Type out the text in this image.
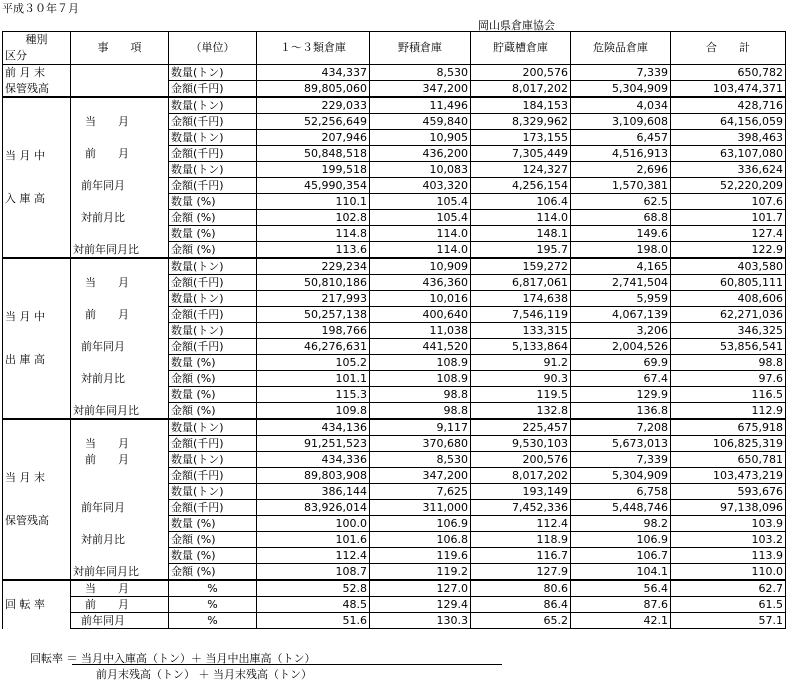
平成３０年７月
岡山県倉庫協会
種別	事　　項	（単位）	１～３類倉庫	野積倉庫	貯蔵槽倉庫	危険品倉庫	合　　計
区分							
前 月 末		数量(トン)	434,337	8,530	200,576	7,339	650,782
保管残高		金額(千円)	89,805,060	347,200	8,017,202	5,304,909	103,474,371

当 月 中
入 庫 高		数量(トン)	229,033	11,496	184,153	4,034	428,716
	当　　月	金額(千円)	52,256,649	459,840	8,329,962	3,109,608	64,156,059
		数量(トン)	207,946	10,905	173,155	6,457	398,463
	前　　月	金額(千円)	50,848,518	436,200	7,305,449	4,516,913	63,107,080
		数量(トン)	199,518	10,083	124,327	2,696	336,624
	前年同月	金額(千円)	45,990,354	403,320	4,256,154	1,570,381	52,220,209
		数量 (%)	110.1	105.4	106.4	62.5	107.6
	対前月比	金額 (%)	102.8	105.4	114.0	68.8	101.7
		数量 (%)	114.8	114.0	148.1	149.6	127.4
	対前年同月比	金額 (%)	113.6	114.0	195.7	198.0	122.9

当 月 中
出 庫 高		数量(トン)	229,234	10,909	159,272	4,165	403,580
	当　　月	金額(千円)	50,810,186	436,360	6,817,061	2,741,504	60,805,111
		数量(トン)	217,993	10,016	174,638	5,959	408,606
	前　　月	金額(千円)	50,257,138	400,640	7,546,119	4,067,139	62,271,036
		数量(トン)	198,766	11,038	133,315	3,206	346,325
	前年同月	金額(千円)	46,276,631	441,520	5,133,864	2,004,526	53,856,541
		数量 (%)	105.2	108.9	91.2	69.9	98.8
	対前月比	金額 (%)	101.1	108.9	90.3	67.4	97.6
		数量 (%)	115.3	98.8	119.5	129.9	116.5
	対前年同月比	金額 (%)	109.8	98.8	132.8	136.8	112.9

当 月 末
保管残高		数量(トン)	434,136	9,117	225,457	7,208	675,918
	当　　月	金額(千円)	91,251,523	370,680	9,530,103	5,673,013	106,825,319
	前　　月	数量(トン)	434,336	8,530	200,576	7,339	650,781
		金額(千円)	89,803,908	347,200	8,017,202	5,304,909	103,473,219
		数量(トン)	386,144	7,625	193,149	6,758	593,676
	前年同月	金額(千円)	83,926,014	311,000	7,452,336	5,448,746	97,138,096
		数量 (%)	100.0	106.9	112.4	98.2	103.9
	対前月比	金額 (%)	101.6	106.8	118.9	106.9	103.2
		数量 (%)	112.4	119.6	116.7	106.7	113.9
	対前年同月比	金額 (%)	108.7	119.2	127.9	104.1	110.0

回 転 率	当　　月	%	52.8	127.0	80.6	56.4	62.7
	前　　月	%	48.5	129.4	86.4	87.6	61.5
	前年同月	%	51.6	130.3	65.2	42.1	57.1
回転率 ＝ 当月中入庫高（トン）＋ 当月中出庫高（トン）
前月末残高（トン） ＋ 当月末残高（トン）
